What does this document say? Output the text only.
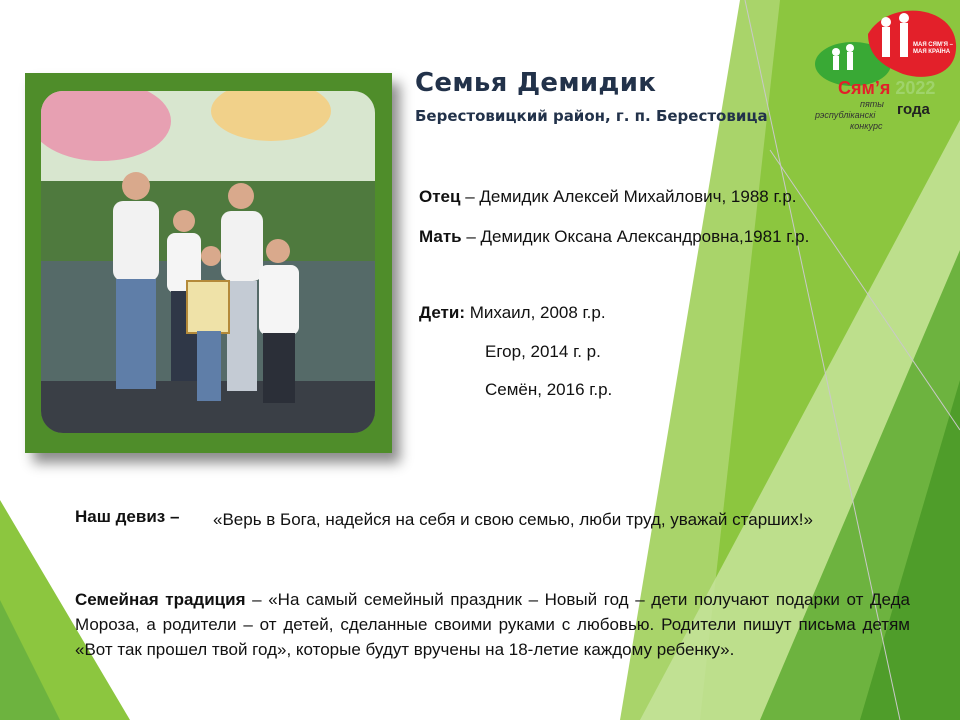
Семья Демидик
Берестовицкий район, г. п. Берестовица
МАЯ СЯМ’Я – МАЯ КРАЇНА
Сям’я 2022
пяты
рэспубліканскі
конкурс
года
Отец – Демидик Алексей Михайлович, 1988 г.р.
Мать – Демидик Оксана Александровна,1981 г.р.
Дети: Михаил, 2008 г.р.
Егор, 2014 г. р.
Семён, 2016 г.р.
Наш девиз – «Верь в Бога, надейся на себя и свою семью, люби труд, уважай старших!»
Семейная традиция – «На самый семейный праздник – Новый год – дети получают подарки от Деда Мороза, а родители – от детей, сделанные своими руками с любовью. Родители пишут письма детям «Вот так прошел твой год», которые будут вручены на 18-летие каждому ребенку».
